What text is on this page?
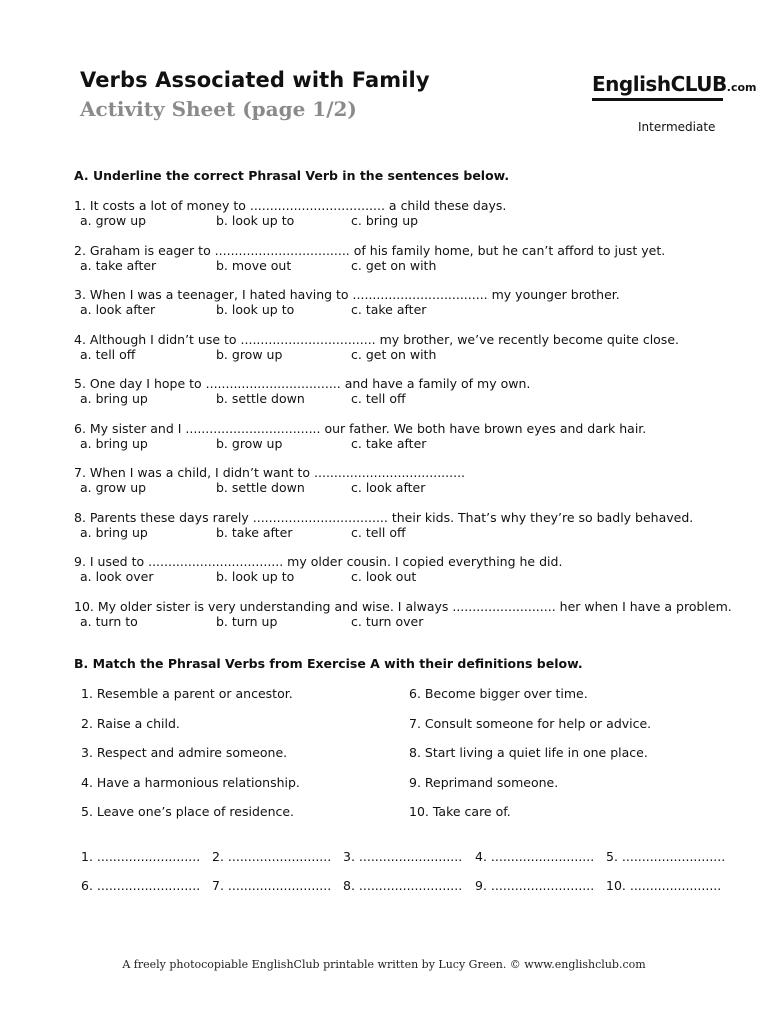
Verbs Associated with Family
Activity Sheet (page 1/2)
EnglishCLUB.com
Intermediate
A. Underline the correct Phrasal Verb in the sentences below.
1. It costs a lot of money to .................................. a child these days.
a. grow up	b. look up to	c. bring up
2. Graham is eager to .................................. of his family home, but he can’t afford to just yet.
a. take after	b. move out	c. get on with
3. When I was a teenager, I hated having to .................................. my younger brother.
a. look after	b. look up to	c. take after
4. Although I didn’t use to .................................. my brother, we’ve recently become quite close.
a. tell off	b. grow up	c. get on with
5. One day I hope to .................................. and have a family of my own.
a. bring up	b. settle down	c. tell off
6. My sister and I .................................. our father. We both have brown eyes and dark hair.
a. bring up	b. grow up	c. take after
7. When I was a child, I didn’t want to ......................................
a. grow up	b. settle down	c. look after
8. Parents these days rarely .................................. their kids. That’s why they’re so badly behaved.
a. bring up	b. take after	c. tell off
9. I used to .................................. my older cousin. I copied everything he did.
a. look over	b. look up to	c. look out
10. My older sister is very understanding and wise. I always .......................... her when I have a problem.
a. turn to	b. turn up	c. turn over
B. Match the Phrasal Verbs from Exercise A with their definitions below.
1. Resemble a parent or ancestor.
2. Raise a child.
3. Respect and admire someone.
4. Have a harmonious relationship.
5. Leave one’s place of residence.
6. Become bigger over time.
7. Consult someone for help or advice.
8. Start living a quiet life in one place.
9. Reprimand someone.
10. Take care of.
1. .......................... 2. .......................... 3. .......................... 4. .......................... 5. ..........................
6. .......................... 7. .......................... 8. .......................... 9. .......................... 10. .......................
A freely photocopiable EnglishClub printable written by Lucy Green. © www.englishclub.com
